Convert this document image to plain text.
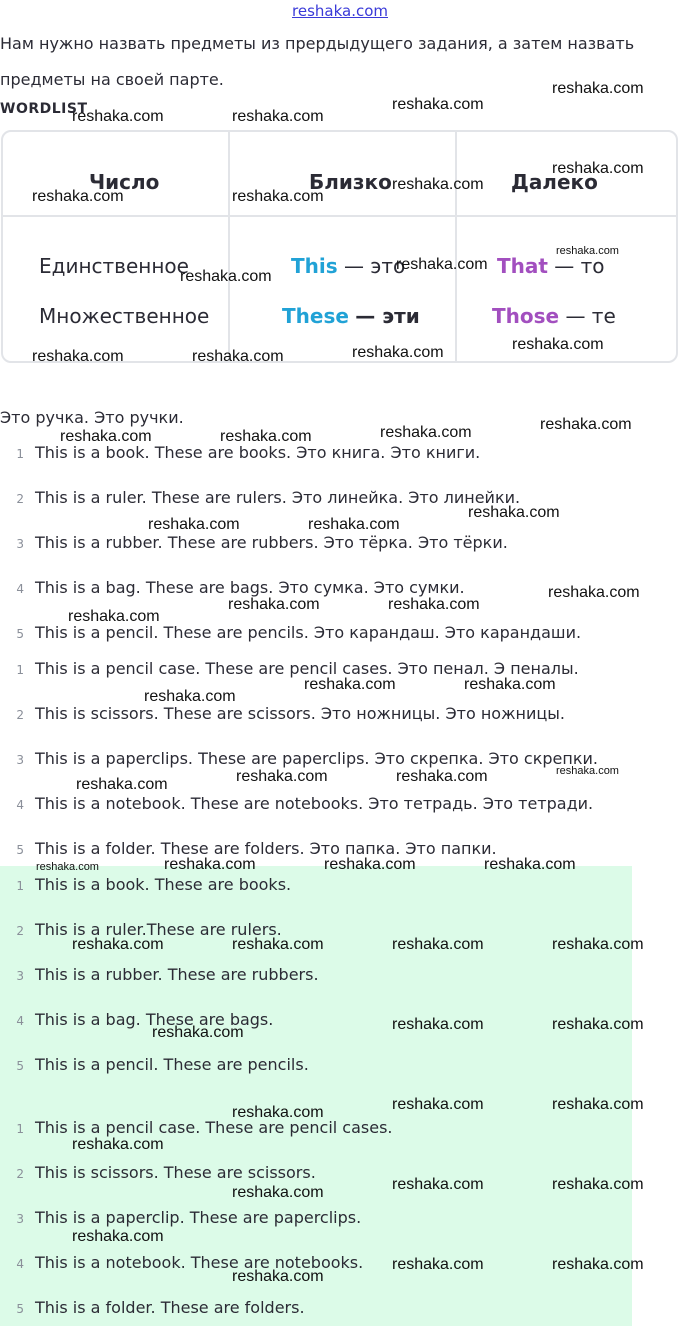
reshaka.com
Нам нужно назвать предметы из прердыдущего задания, а затем назвать предметы на своей парте.
WORDLIST
Число	Близко	Далеко
Единственное	This — это	That — то
Множественное	These — эти	Those — те
Это ручка. Это ручки.
1 This is a book. These are books. Это книга. Это книги.
2 This is a ruler. These are rulers. Это линейка. Это линейки.
3 This is a rubber. These are rubbers. Это тёрка. Это тёрки.
4 This is a bag. These are bags. Это сумка. Это сумки.
5 This is a pencil. These are pencils. Это карандаш. Это карандаши.
1 This is a pencil case. These are pencil cases. Это пенал. Э пеналы.
2 This is scissors. These are scissors. Это ножницы. Это ножницы.
3 This is a paperclips. These are paperclips. Это скрепка. Это скрепки.
4 This is a notebook. These are notebooks. Это тетрадь. Это тетради.
5 This is a folder. These are folders. Это папка. Это папки.
1 This is a book. These are books.
2 This is a ruler.These are rulers.
3 This is a rubber. These are rubbers.
4 This is a bag. These are bags.
5 This is a pencil. These are pencils.
1 This is a pencil case. These are pencil cases.
2 This is scissors. These are scissors.
3 This is a paperclip. These are paperclips.
4 This is a notebook. These are notebooks.
5 This is a folder. These are folders.
reshaka.com	reshaka.com
reshaka.com
reshaka.com
reshaka.com	reshaka.com
reshaka.com
reshaka.com
reshaka.com
reshaka.com
reshaka.com
reshaka.com	reshaka.com	reshaka.com	reshaka.com
reshaka.com	reshaka.com	reshaka.com	reshaka.com
reshaka.com	reshaka.com
reshaka.com
reshaka.com
reshaka.com	reshaka.com
reshaka.com
reshaka.com
reshaka.com	reshaka.com
reshaka.com
reshaka.com	reshaka.com	reshaka.com
reshaka.com	reshaka.com	reshaka.com	reshaka.com
reshaka.com	reshaka.com	reshaka.com	reshaka.com
reshaka.com	reshaka.com	reshaka.com
reshaka.com	reshaka.com	reshaka.com
reshaka.com
reshaka.com	reshaka.com	reshaka.com
reshaka.com
reshaka.com
reshaka.com	reshaka.com
